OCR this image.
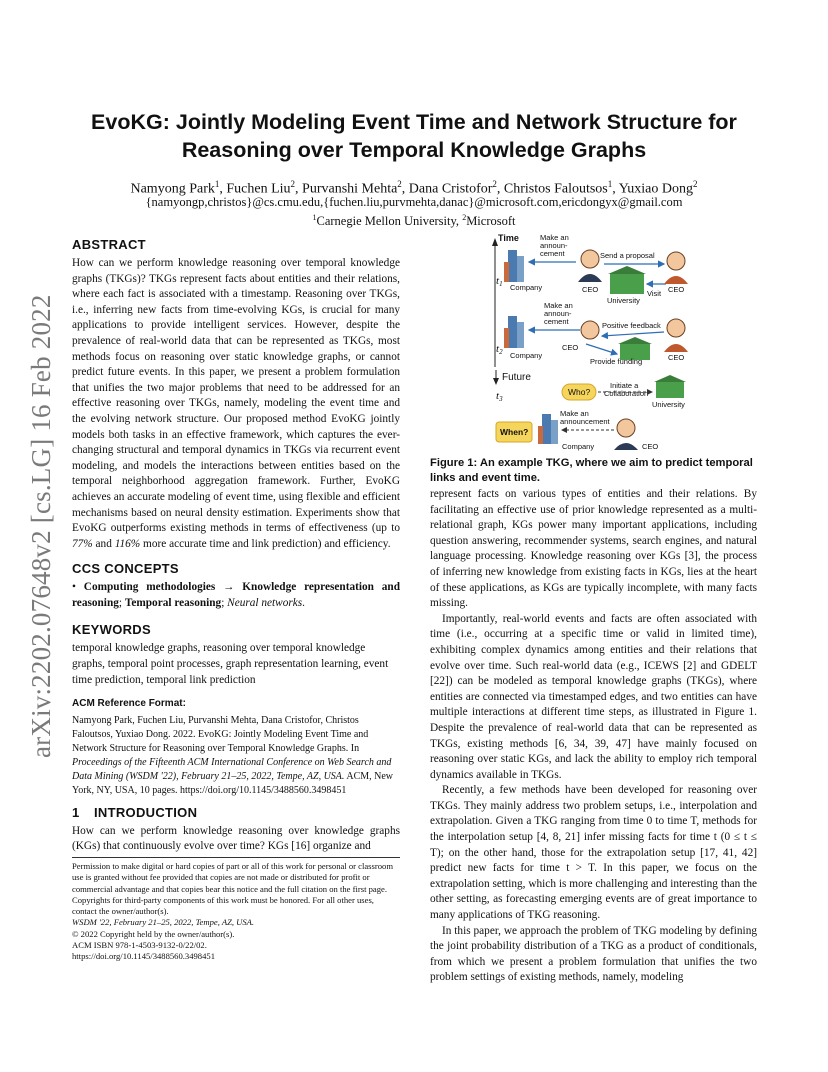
arXiv:2202.07648v2 [cs.LG] 16 Feb 2022
EvoKG: Jointly Modeling Event Time and Network Structure for
Reasoning over Temporal Knowledge Graphs
Namyong Park$^1$, Fuchen Liu$^2$, Purvanshi Mehta$^2$, Dana Cristofor$^2$, Christos Faloutsos$^1$, Yuxiao Dong$^2$
{namyongp,christos}@cs.cmu.edu,{fuchen.liu,purvmehta,danac}@microsoft.com,ericdongyx@gmail.com
$^1$Carnegie Mellon University, $^2$Microsoft
ABSTRACT

How can we perform knowledge reasoning over temporal knowledge graphs (TKGs)? TKGs represent facts about entities and their relations, where each fact is associated with a timestamp. Reasoning over TKGs, i.e., inferring new facts from time-evolving KGs, is crucial for many applications to provide intelligent services. However, despite the prevalence of real-world data that can be represented as TKGs, most methods focus on reasoning over static knowledge graphs, or cannot predict future events. In this paper, we present a problem formulation that unifies the two major problems that need to be addressed for an effective reasoning over TKGs, namely, modeling the event time and the evolving network structure. Our proposed method EvoKG jointly models both tasks in an effective framework, which captures the ever-changing structural and temporal dynamics in TKGs via recurrent event modeling, and models the interactions between entities based on the temporal neighborhood aggregation framework. Further, EvoKG achieves an accurate modeling of event time, using flexible and efficient mechanisms based on neural density estimation. Experiments show that EvoKG outperforms existing methods in terms of effectiveness (up to 77% and 116% more accurate time and link prediction) and efficiency.

CCS CONCEPTS

• Computing methodologies → Knowledge representation and reasoning; Temporal reasoning; Neural networks.

KEYWORDS

temporal knowledge graphs, reasoning over temporal knowledge graphs, temporal point processes, graph representation learning, event time prediction, temporal link prediction

ACM Reference Format:

Namyong Park, Fuchen Liu, Purvanshi Mehta, Dana Cristofor, Christos Faloutsos, Yuxiao Dong. 2022. EvoKG: Jointly Modeling Event Time and Network Structure for Reasoning over Temporal Knowledge Graphs. In Proceedings of the Fifteenth ACM International Conference on Web Search and Data Mining (WSDM '22), February 21–25, 2022, Tempe, AZ, USA. ACM, New York, NY, USA, 10 pages. https://doi.org/10.1145/3488560.3498451

1 INTRODUCTION

How can we perform knowledge reasoning over knowledge graphs (KGs) that continuously evolve over time? KGs [16] organize and

Permission to make digital or hard copies of part or all of this work for personal or classroom use is granted without fee provided that copies are not made or distributed for profit or commercial advantage and that copies bear this notice and the full citation on the first page. Copyrights for third-party components of this work must be honored. For all other uses, contact the owner/author(s).

WSDM '22, February 21–25, 2022, Tempe, AZ, USA.

© 2022 Copyright held by the owner/author(s).

ACM ISBN 978-1-4503-9132-0/22/02.

https://doi.org/10.1145/3488560.3498451

Time
t1 Company
Make an
announ-
cement
CEO
Send a proposal
University
Visit CEO
t2 Company
Make an
announ-
cement
CEO
Positive feedback
Provide funding	CEO
Future
t3
Who?
Initiate a
Collaboration
University
When?
Make an
announcement
Company	CEO
Figure 1: An example TKG, where we aim to predict temporal links and event time.

represent facts on various types of entities and their relations. By facilitating an effective use of prior knowledge represented as a multi-relational graph, KGs power many important applications, including question answering, recommender systems, search engines, and natural language processing. Knowledge reasoning over KGs [3], the process of inferring new knowledge from existing facts in KGs, lies at the heart of these applications, as KGs are typically incomplete, with many facts missing.

Importantly, real-world events and facts are often associated with time (i.e., occurring at a specific time or valid in limited time), exhibiting complex dynamics among entities and their relations that evolve over time. Such real-world data (e.g., ICEWS [2] and GDELT [22]) can be modeled as temporal knowledge graphs (TKGs), where entities are connected via timestamped edges, and two entities can have multiple interactions at different time steps, as illustrated in Figure 1. Despite the prevalence of real-world data that can be represented as TKGs, existing methods [6, 34, 39, 47] have mainly focused on reasoning over static KGs, and lack the ability to employ rich temporal dynamics available in TKGs.

Recently, a few methods have been developed for reasoning over TKGs. They mainly address two problem setups, i.e., interpolation and extrapolation. Given a TKG ranging from time 0 to time T, methods for the interpolation setup [4, 8, 21] infer missing facts for time t (0 ≤ t ≤ T); on the other hand, those for the extrapolation setup [17, 41, 42] predict new facts for time t > T. In this paper, we focus on the extrapolation setting, which is more challenging and interesting than the other setting, as forecasting emerging events are of great importance to many applications of TKG reasoning.

In this paper, we approach the problem of TKG modeling by defining the joint probability distribution of a TKG as a product of conditionals, from which we present a problem formulation that unifies the two problem settings of existing methods, namely, modeling
